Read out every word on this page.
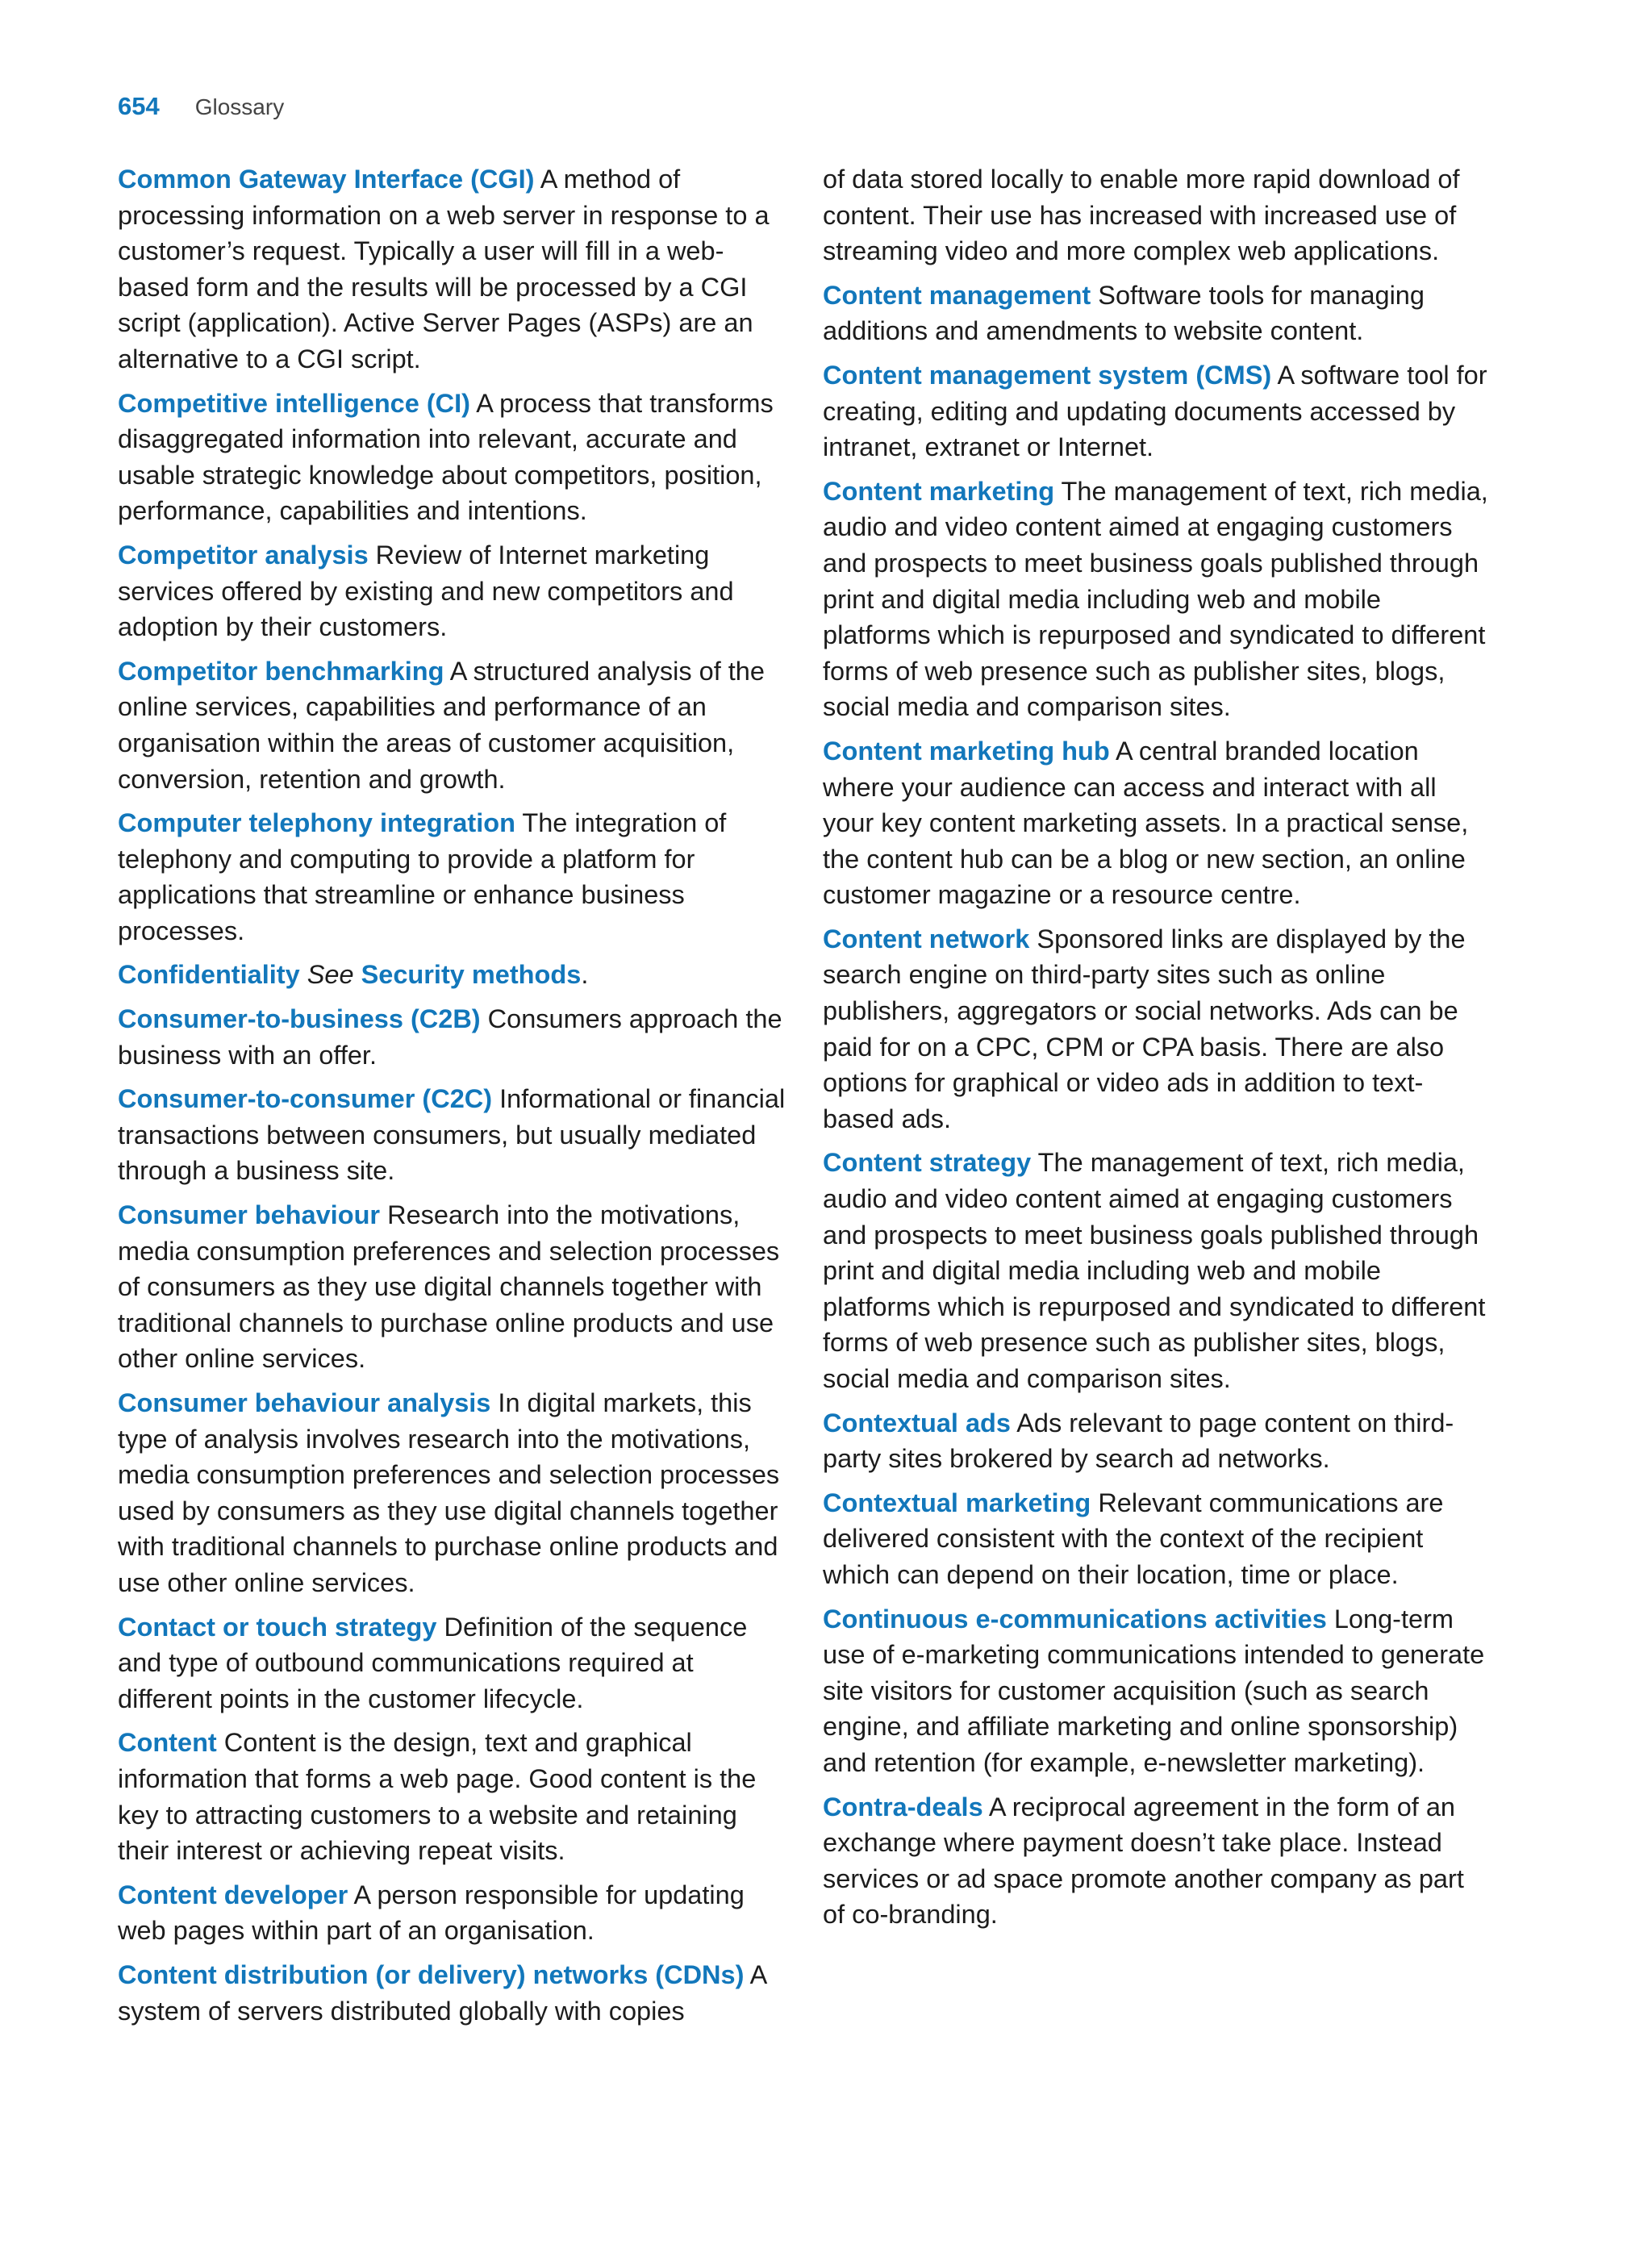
654 Glossary

Common Gateway Interface (CGI) A method of processing information on a web server in response to a customer’s request. Typically a user will fill in a web-based form and the results will be processed by a CGI script (application). Active Server Pages (ASPs) are an alternative to a CGI script.

Competitive intelligence (CI) A process that transforms disaggregated information into relevant, accurate and usable strategic knowledge about competitors, position, performance, capabilities and intentions.

Competitor analysis Review of Internet marketing services offered by existing and new competitors and adoption by their customers.

Competitor benchmarking A structured analysis of the online services, capabilities and performance of an organisation within the areas of customer acquisition, conversion, retention and growth.

Computer telephony integration The integration of telephony and computing to provide a platform for applications that streamline or enhance business processes.

Confidentiality See Security methods.

Consumer-to-business (C2B) Consumers approach the business with an offer.

Consumer-to-consumer (C2C) Informational or financial transactions between consumers, but usually mediated through a business site.

Consumer behaviour Research into the motivations, media consumption preferences and selection processes of consumers as they use digital channels together with traditional channels to purchase online products and use other online services.

Consumer behaviour analysis In digital markets, this type of analysis involves research into the motivations, media consumption preferences and selection processes used by consumers as they use digital channels together with traditional channels to purchase online products and use other online services.

Contact or touch strategy Definition of the sequence and type of outbound communications required at different points in the customer lifecycle.

Content Content is the design, text and graphical information that forms a web page. Good content is the key to attracting customers to a website and retaining their interest or achieving repeat visits.

Content developer A person responsible for updating web pages within part of an organisation.

Content distribution (or delivery) networks (CDNs) A system of servers distributed globally with copies

of data stored locally to enable more rapid download of content. Their use has increased with increased use of streaming video and more complex web applications.

Content management Software tools for managing additions and amendments to website content.

Content management system (CMS) A software tool for creating, editing and updating documents accessed by intranet, extranet or Internet.

Content marketing The management of text, rich media, audio and video content aimed at engaging customers and prospects to meet business goals published through print and digital media including web and mobile platforms which is repurposed and syndicated to different forms of web presence such as publisher sites, blogs, social media and comparison sites.

Content marketing hub A central branded location where your audience can access and interact with all your key content marketing assets. In a practical sense, the content hub can be a blog or new section, an online customer magazine or a resource centre.

Content network Sponsored links are displayed by the search engine on third-party sites such as online publishers, aggregators or social networks. Ads can be paid for on a CPC, CPM or CPA basis. There are also options for graphical or video ads in addition to text-based ads.

Content strategy The management of text, rich media, audio and video content aimed at engaging customers and prospects to meet business goals published through print and digital media including web and mobile platforms which is repurposed and syndicated to different forms of web presence such as publisher sites, blogs, social media and comparison sites.

Contextual ads Ads relevant to page content on third-party sites brokered by search ad networks.

Contextual marketing Relevant communications are delivered consistent with the context of the recipient which can depend on their location, time or place.

Continuous e-communications activities Long-term use of e-marketing communications intended to generate site visitors for customer acquisition (such as search engine, and affiliate marketing and online sponsorship) and retention (for example, e-newsletter marketing).

Contra-deals A reciprocal agreement in the form of an exchange where payment doesn’t take place. Instead services or ad space promote another company as part of co-branding.
